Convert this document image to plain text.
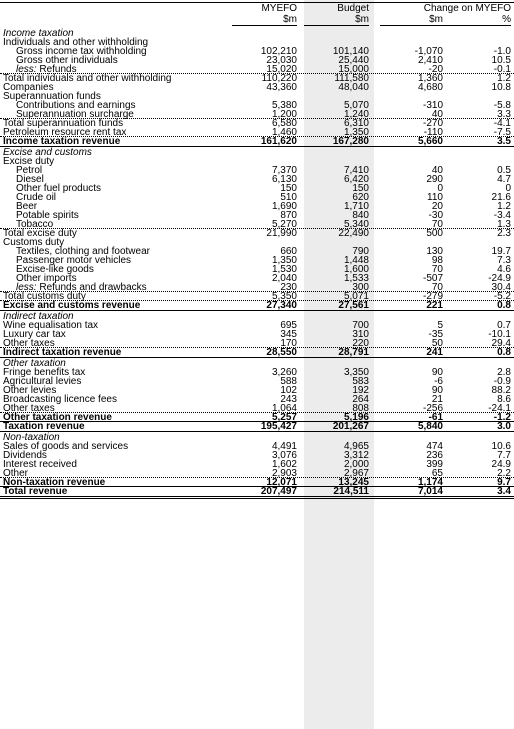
MYEFO
$m
Budget
$m
Change on MYEFO
$m	%
Income taxation
Individuals and other withholding
Gross income tax withholding	102,210	101,140	-1,070	-1.0
Gross other individuals	23,030	25,440	2,410	10.5
less: Refunds	15,020	15,000	-20	-0.1
Total individuals and other withholding	110,220	111,580	1,360	1.2
Companies	43,360	48,040	4,680	10.8
Superannuation funds
Contributions and earnings	5,380	5,070	-310	-5.8
Superannuation surcharge	1,200	1,240	40	3.3
Total superannuation funds	6,580	6,310	-270	-4.1
Petroleum resource rent tax	1,460	1,350	-110	-7.5
Income taxation revenue	161,620	167,280	5,660	3.5
Excise and customs
Excise duty
Petrol	7,370	7,410	40	0.5
Diesel	6,130	6,420	290	4.7
Other fuel products	150	150	0	0
Crude oil	510	620	110	21.6
Beer	1,690	1,710	20	1.2
Potable spirits	870	840	-30	-3.4
Tobacco	5,270	5,340	70	1.3
Total excise duty	21,990	22,490	500	2.3
Customs duty
Textiles, clothing and footwear	660	790	130	19.7
Passenger motor vehicles	1,350	1,448	98	7.3
Excise-like goods	1,530	1,600	70	4.6
Other imports	2,040	1,533	-507	-24.9
less: Refunds and drawbacks	230	300	70	30.4
Total customs duty	5,350	5,071	-279	-5.2
Excise and customs revenue	27,340	27,561	221	0.8
Indirect taxation
Wine equalisation tax	695	700	5	0.7
Luxury car tax	345	310	-35	-10.1
Other taxes	170	220	50	29.4
Indirect taxation revenue	28,550	28,791	241	0.8
Other taxation
Fringe benefits tax	3,260	3,350	90	2.8
Agricultural levies	588	583	-6	-0.9
Other levies	102	192	90	88.2
Broadcasting licence fees	243	264	21	8.6
Other taxes	1,064	808	-256	-24.1
Other taxation revenue	5,257	5,196	-61	-1.2
Taxation revenue	195,427	201,267	5,840	3.0
Non-taxation
Sales of goods and services	4,491	4,965	474	10.6
Dividends	3,076	3,312	236	7.7
Interest received	1,602	2,000	399	24.9
Other	2,903	2,967	65	2.2
Non-taxation revenue	12,071	13,245	1,174	9.7
Total revenue	207,497	214,511	7,014	3.4
